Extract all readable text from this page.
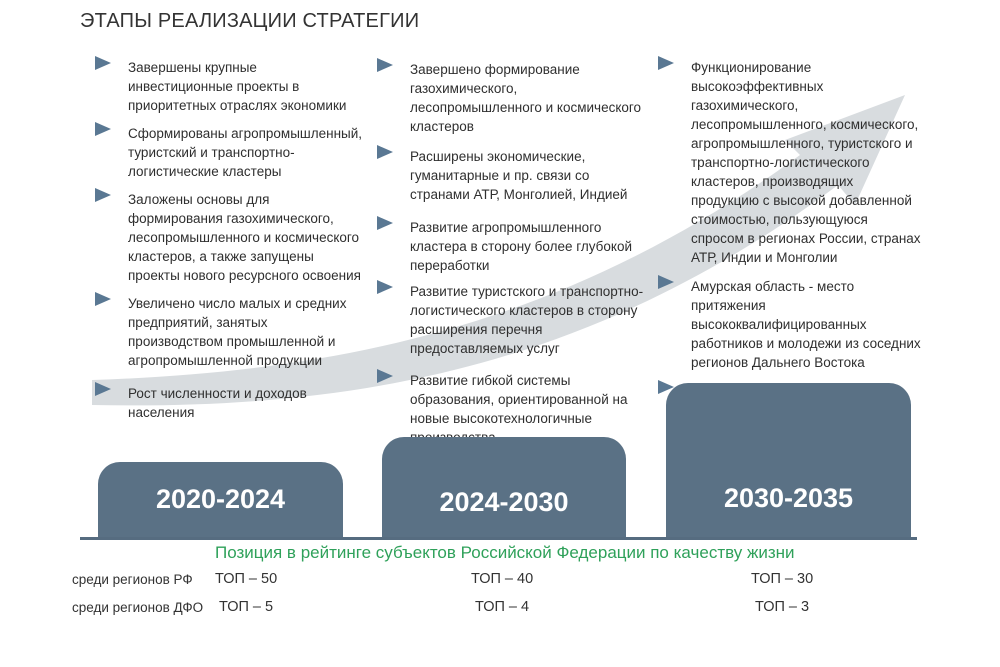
ЭТАПЫ РЕАЛИЗАЦИИ СТРАТЕГИИ
Завершены крупные инвестиционные проекты в приоритетных отраслях экономики
Сформированы агропромышленный, туристский и транспортно-логистические кластеры
Заложены основы для формирования газохимического, лесопромышленного и космического кластеров, а также запущены проекты нового ресурсного освоения
Увеличено число малых и средних предприятий, занятых производством промышленной и агропромышленной продукции
Рост численности и доходов населения
Завершено формирование газохимического, лесопромышленного и космического кластеров
Расширены экономические, гуманитарные и пр. связи со странами АТР, Монголией, Индией
Развитие агропромышленного кластера в сторону более глубокой переработки
Развитие туристского и транспортно-логистического кластеров в сторону расширения перечня предоставляемых услуг
Развитие гибкой системы образования, ориентированной на новые высокотехнологичные
Функционирование высокоэффективных газохимического, лесопромышленного, космического, агропромышленного, туристского и транспортно-логистического кластеров, производящих продукцию с высокой добавленной стоимостью, пользующуюся спросом в регионах России, странах АТР, Индии и Монголии
Амурская область - место притяжения высококвалифицированных работников и молодежи из соседних регионов Дальнего Востока
2020-2024	2024-2030	2030-2035
Позиция в рейтинге субъектов Российской Федерации по качеству жизни
среди регионов РФ ТОП – 50	ТОП – 40	ТОП – 30
среди регионов ДФО ТОП – 5	ТОП – 4	ТОП – 3
